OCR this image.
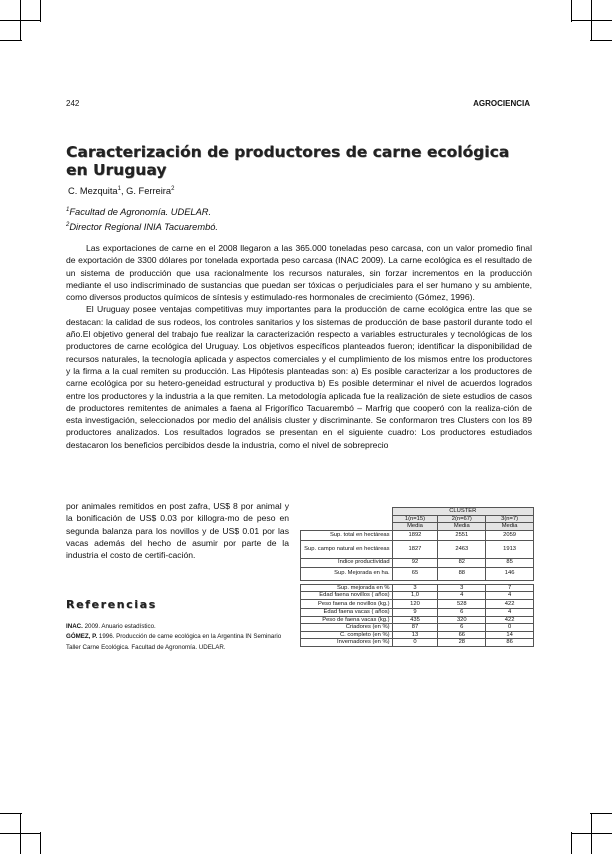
242	AGROCIENCIA
Caracterización de productores de carne ecológica en Uruguay
C. Mezquita$^1$, G. Ferreira$^2$
$^1$Facultad de Agronomía. UDELAR.
$^2$Director Regional INIA Tacuarembó.

Las exportaciones de carne en el 2008 llegaron a las 365.000 toneladas peso carcasa, con un valor promedio final de exportación de 3300 dólares por tonelada exportada peso carcasa (INAC 2009). La carne ecológica es el resultado de un sistema de producción que usa racionalmente los recursos naturales, sin forzar incrementos en la producción mediante el uso indiscriminado de sustancias que puedan ser tóxicas o perjudiciales para el ser humano y su ambiente, como diversos productos químicos de síntesis y estimulado-res hormonales de crecimiento (Gómez, 1996).

El Uruguay posee ventajas competitivas muy importantes para la producción de carne ecológica entre las que se destacan: la calidad de sus rodeos, los controles sanitarios y los sistemas de producción de base pastoril durante todo el año.El objetivo general del trabajo fue realizar la caracterización respecto a variables estructurales y tecnológicas de los productores de carne ecológica del Uruguay. Los objetivos específicos planteados fueron; identificar la disponibilidad de recursos naturales, la tecnología aplicada y aspectos comerciales y el cumplimiento de los mismos entre los productores y la firma a la cual remiten su producción. Las Hipótesis planteadas son: a) Es posible caracterizar a los productores de carne ecológica por su hetero-geneidad estructural y productiva b) Es posible determinar el nivel de acuerdos logrados entre los productores y la industria a la que remiten. La metodología aplicada fue la realización de siete estudios de casos de productores remitentes de animales a faena al Frigorífico Tacuarembó – Marfrig que cooperó con la realiza-ción de esta investigación, seleccionados por medio del análisis cluster y discriminante. Se conformaron tres Clusters con los 89 productores analizados. Los resultados logrados se presentan en el siguiente cuadro: Los productores estudiados destacaron los beneficios percibidos desde la industria, como el nivel de sobreprecio

por animales remitidos en post zafra, US$ 8 por animal y la bonificación de US$ 0.03 por killogra-mo de peso en segunda balanza para los novillos y de US$ 0.01 por las vacas además del hecho de asumir por parte de la industria el costo de certifi-cación.
Referencias
INAC. 2009. Anuario estadístico.
GÓMEZ, P. 1996. Producción de carne ecológica en la Argentina IN Seminario Taller Carne Ecológica. Facultad de Agronomía. UDELAR.
	CLUSTER		
	1(n=15)	2(n=67)	3(n=7)
	Media	Media	Media
Sup. total en hectáreas	1892	2551	2059
Sup. campo natural en hectáreas	1827	2463	1913
Índice productividad	92	82	85
Sup. Mejorada en ha.	65	88	146

Sup. mejorada en %	3	3	7
Edad faena novillos ( años)	1,0	4	4
Peso faena de novillos (kg.)	120	528	422
Edad faena vacas ( años)	9	6	4
Peso de faena vacas (kg.)	435	320	422
Criadores (en %)	87	6	0
C. completo (en %)	13	66	14
Invernadores (en %)	0	28	86
